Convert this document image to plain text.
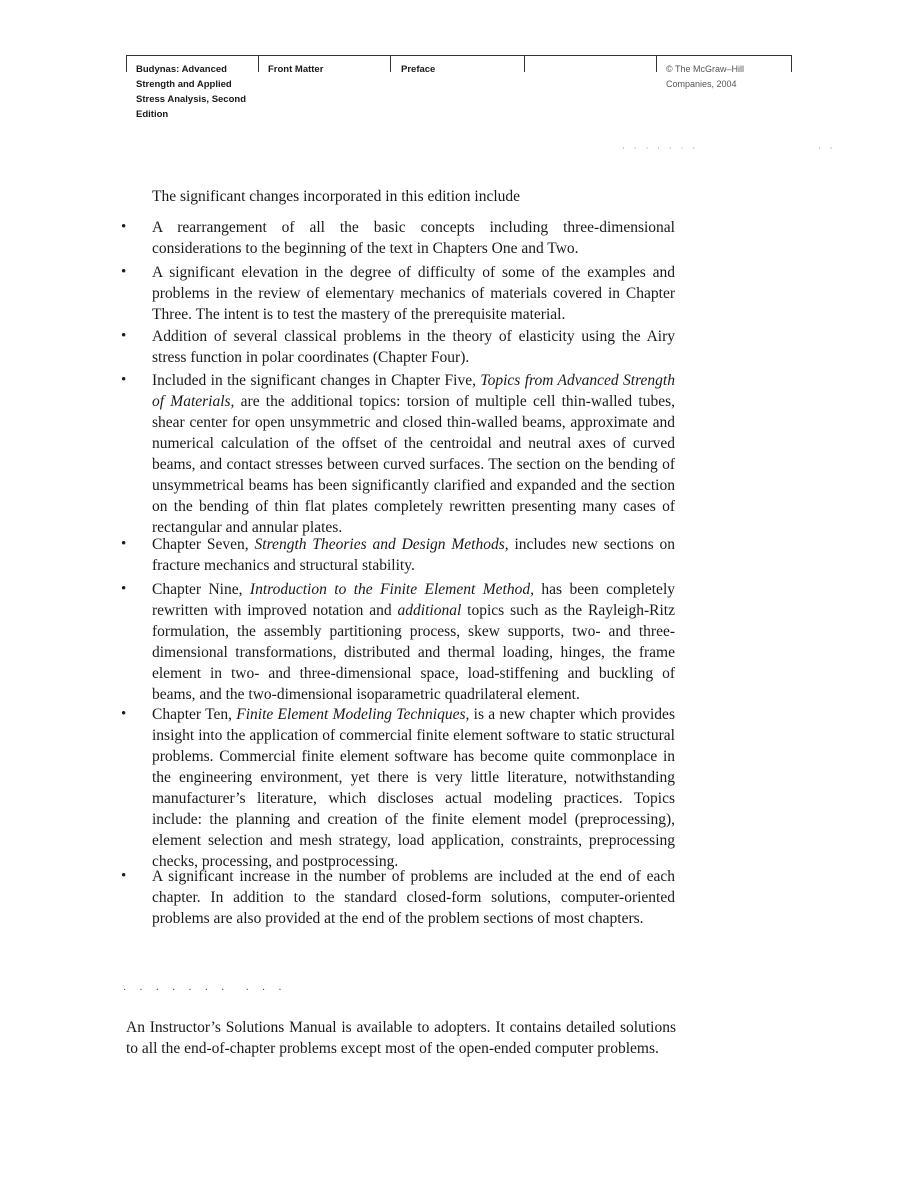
Budynas: Advanced
Strength and Applied
Stress Analysis, Second
Edition
Front Matter	Preface	© The McGraw–Hill
Companies, 2004
· · · · · · ·	· ·
The significant changes incorporated in this edition include
• A rearrangement of all the basic concepts including three-dimensional considerations to the beginning of the text in Chapters One and Two.
• A significant elevation in the degree of difficulty of some of the examples and problems in the review of elementary mechanics of materials covered in Chapter Three. The intent is to test the mastery of the prerequisite material.
• Addition of several classical problems in the theory of elasticity using the Airy stress function in polar coordinates (Chapter Four).
• Included in the significant changes in Chapter Five, Topics from Advanced Strength of Materials, are the additional topics: torsion of multiple cell thin-walled tubes, shear center for open unsymmetric and closed thin-walled beams, approximate and numerical calculation of the offset of the centroidal and neutral axes of curved beams, and contact stresses between curved surfaces. The section on the bending of unsymmetrical beams has been significantly clarified and expanded and the section on the bending of thin flat plates completely rewritten presenting many cases of rectangular and annular plates.
• Chapter Seven, Strength Theories and Design Methods, includes new sections on fracture mechanics and structural stability.
• Chapter Nine, Introduction to the Finite Element Method, has been completely rewritten with improved notation and additional topics such as the Rayleigh-Ritz formulation, the assembly partitioning process, skew supports, two- and three-dimensional transformations, distributed and thermal loading, hinges, the frame element in two- and three-dimensional space, load-stiffening and buckling of beams, and the two-dimensional isoparametric quadrilateral element.
• Chapter Ten, Finite Element Modeling Techniques, is a new chapter which provides insight into the application of commercial finite element software to static structural problems. Commercial finite element software has become quite commonplace in the engineering environment, yet there is very little literature, notwithstanding manufacturer’s literature, which discloses actual modeling practices. Topics include: the planning and creation of the finite element model (preprocessing), element selection and mesh strategy, load application, constraints, preprocessing checks, processing, and postprocessing.
• A significant increase in the number of problems are included at the end of each chapter. In addition to the standard closed-form solutions, computer-oriented problems are also provided at the end of the problem sections of most chapters.
· · · · · · ·  · · ·
An Instructor’s Solutions Manual is available to adopters. It contains detailed solutions to all the end-of-chapter problems except most of the open-ended computer problems.
